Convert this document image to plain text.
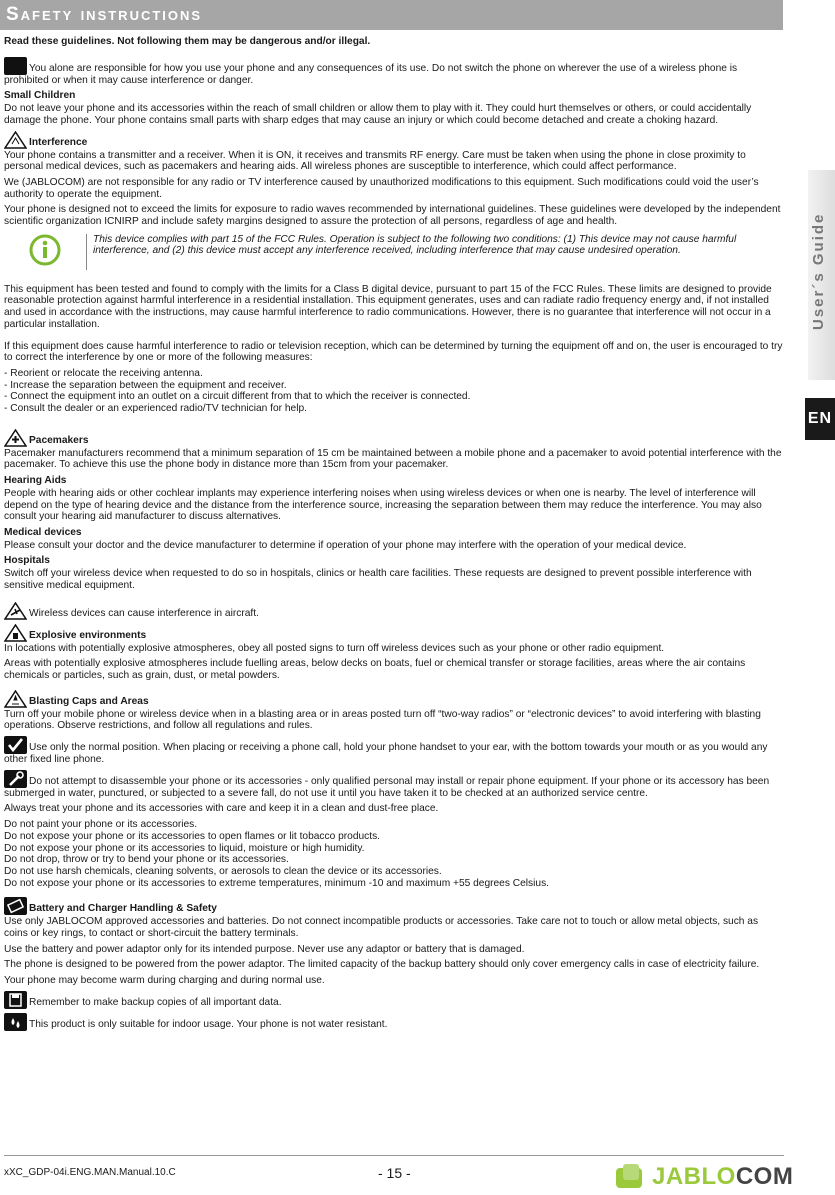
Safety instructions
User´s Guide
EN

Read these guidelines. Not following them may be dangerous and/or illegal.

You alone are responsible for how you use your phone and any consequences of its use. Do not switch the phone on wherever the use of a wireless phone is prohibited or when it may cause interference or danger.

Small Children

Do not leave your phone and its accessories within the reach of small children or allow them to play with it. They could hurt themselves or others, or could accidentally damage the phone. Your phone contains small parts with sharp edges that may cause an injury or which could become detached and create a choking hazard.

Interference

Your phone contains a transmitter and a receiver. When it is ON, it receives and transmits RF energy. Care must be taken when using the phone in close proximity to personal medical devices, such as pacemakers and hearing aids. All wireless phones are susceptible to interference, which could affect performance.

We (JABLOCOM) are not responsible for any radio or TV interference caused by unauthorized modifications to this equipment. Such modifications could void the user’s authority to operate the equipment.

Your phone is designed not to exceed the limits for exposure to radio waves recommended by international guidelines. These guidelines were developed by the independent scientific organization ICNIRP and include safety margins designed to assure the protection of all persons, regardless of age and health.

This device complies with part 15 of the FCC Rules. Operation is subject to the following two conditions: (1) This device may not cause harmful interference, and (2) this device must accept any interference received, including interference that may cause undesired operation.

This equipment has been tested and found to comply with the limits for a Class B digital device, pursuant to part 15 of the FCC Rules. These limits are designed to provide reasonable protection against harmful interference in a residential installation. This equipment generates, uses and can radiate radio frequency energy and, if not installed and used in accordance with the instructions, may cause harmful interference to radio communications. However, there is no guarantee that interference will not occur in a particular installation.

If this equipment does cause harmful interference to radio or television reception, which can be determined by turning the equipment off and on, the user is encouraged to try to correct the interference by one or more of the following measures:

- Reorient or relocate the receiving antenna.
- Increase the separation between the equipment and receiver.
- Connect the equipment into an outlet on a circuit different from that to which the receiver is connected.
- Consult the dealer or an experienced radio/TV technician for help.

Pacemakers

Pacemaker manufacturers recommend that a minimum separation of 15 cm be maintained between a mobile phone and a pacemaker to avoid potential interference with the pacemaker. To achieve this use the phone body in distance more than 15cm from your pacemaker.

Hearing Aids

People with hearing aids or other cochlear implants may experience interfering noises when using wireless devices or when one is nearby. The level of interference will depend on the type of hearing device and the distance from the interference source, increasing the separation between them may reduce the interference. You may also consult your hearing aid manufacturer to discuss alternatives.

Medical devices

Please consult your doctor and the device manufacturer to determine if operation of your phone may interfere with the operation of your medical device.

Hospitals

Switch off your wireless device when requested to do so in hospitals, clinics or health care facilities. These requests are designed to prevent possible interference with sensitive medical equipment.

Wireless devices can cause interference in aircraft.

Explosive environments

In locations with potentially explosive atmospheres, obey all posted signs to turn off wireless devices such as your phone or other radio equipment.

Areas with potentially explosive atmospheres include fuelling areas, below decks on boats, fuel or chemical transfer or storage facilities, areas where the air contains chemicals or particles, such as grain, dust, or metal powders.

Blasting Caps and Areas

Turn off your mobile phone or wireless device when in a blasting area or in areas posted turn off “two-way radios” or “electronic devices” to avoid interfering with blasting operations. Observe restrictions, and follow all regulations and rules.

Use only the normal position. When placing or receiving a phone call, hold your phone handset to your ear, with the bottom towards your mouth or as you would any other fixed line phone.

Do not attempt to disassemble your phone or its accessories - only qualified personal may install or repair phone equipment. If your phone or its accessory has been submerged in water, punctured, or subjected to a severe fall, do not use it until you have taken it to be checked at an authorized service centre.

Always treat your phone and its accessories with care and keep it in a clean and dust-free place.

Do not paint your phone or its accessories.
Do not expose your phone or its accessories to open flames or lit tobacco products.
Do not expose your phone or its accessories to liquid, moisture or high humidity.
Do not drop, throw or try to bend your phone or its accessories.
Do not use harsh chemicals, cleaning solvents, or aerosols to clean the device or its accessories.
Do not expose your phone or its accessories to extreme temperatures, minimum -10 and maximum +55 degrees Celsius.

Battery and Charger Handling & Safety

Use only JABLOCOM approved accessories and batteries. Do not connect incompatible products or accessories. Take care not to touch or allow metal objects, such as coins or key rings, to contact or short-circuit the battery terminals.

Use the battery and power adaptor only for its intended purpose. Never use any adaptor or battery that is damaged.

The phone is designed to be powered from the power adaptor. The limited capacity of the backup battery should only cover emergency calls in case of electricity failure.

Your phone may become warm during charging and during normal use.

Remember to make backup copies of all important data.

This product is only suitable for indoor usage. Your phone is not water resistant.

xXC_GDP-04i.ENG.MAN.Manual.10.C	- 15 -	JABLOCOM
